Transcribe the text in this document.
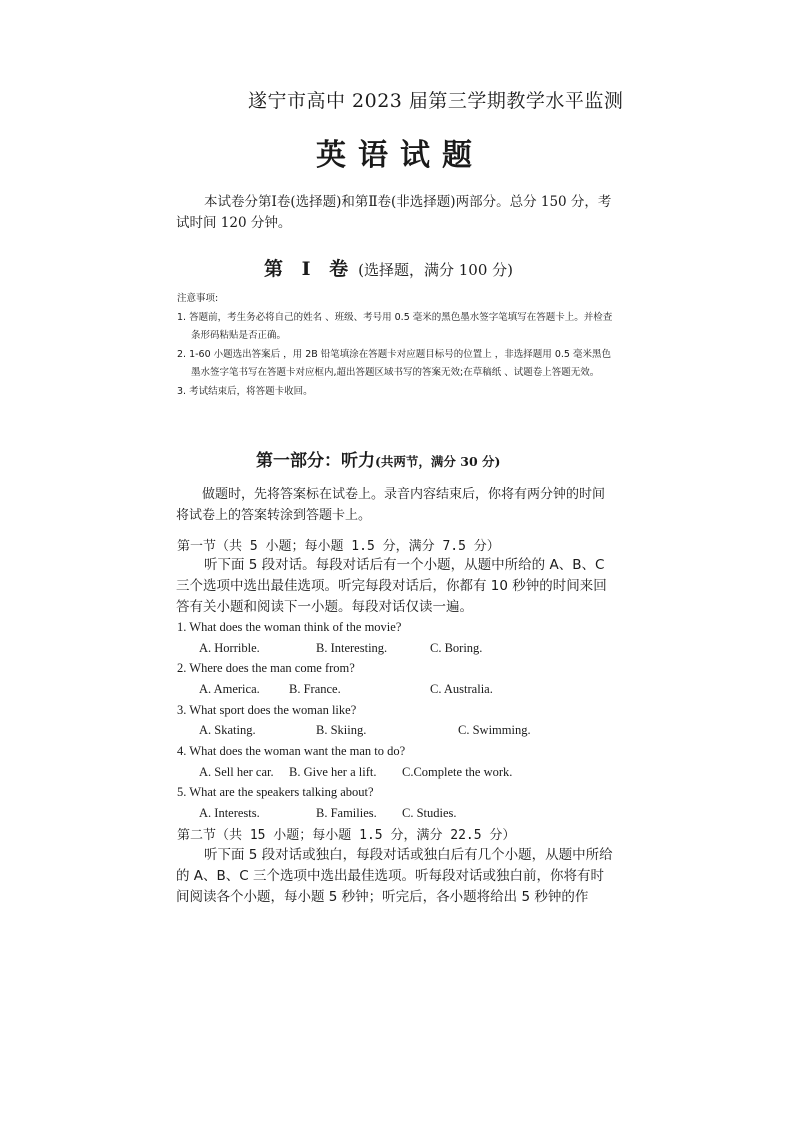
遂宁市高中 2023 届第三学期教学水平监测
英语试题
本试卷分第Ⅰ卷(选择题)和第Ⅱ卷(非选择题)两部分。总分 150 分，考试时间 120 分钟。
第 Ⅰ 卷 (选择题，满分 100 分)
注意事项:
1. 答题前，考生务必将自己的姓名 、班级、考号用 0.5 毫米的黑色墨水签字笔填写在答题卡上。并检查条形码粘贴是否正确。
2. 1-60 小题选出答案后 ，用 2B 铅笔填涂在答题卡对应题目标号的位置上 ，非选择题用 0.5 毫米黑色墨水签字笔书写在答题卡对应框内,超出答题区域书写的答案无效;在草稿纸 、试题卷上答题无效。
3. 考试结束后，将答题卡收回。
第一部分：听力(共两节，满分 30 分)
做题时，先将答案标在试卷上。录音内容结束后，你将有两分钟的时间将试卷上的答案转涂到答题卡上。
第一节（共 5 小题；每小题 1.5 分，满分 7.5 分）
听下面 5 段对话。每段对话后有一个小题，从题中所给的 A、B、C 三个选项中选出最佳选项。听完每段对话后，你都有 10 秒钟的时间来回答有关小题和阅读下一小题。每段对话仅读一遍。
1. What does the woman think of the movie?
A. Horrible.	B. Interesting.	C. Boring.
2. Where does the man come from?
A. America. B. France.	C. Australia.
3. What sport does the woman like?
A. Skating.	B. Skiing.	C. Swimming.
4. What does the woman want the man to do?
A. Sell her car. B. Give her a lift. C.Complete the work.
5. What are the speakers talking about?
A. Interests.	B. Families. C. Studies.
第二节（共 15 小题；每小题 1.5 分，满分 22.5 分）
听下面 5 段对话或独白，每段对话或独白后有几个小题，从题中所给的 A、B、C 三个选项中选出最佳选项。听每段对话或独白前，你将有时间阅读各个小题，每小题 5 秒钟；听完后，各小题将给出 5 秒钟的作
